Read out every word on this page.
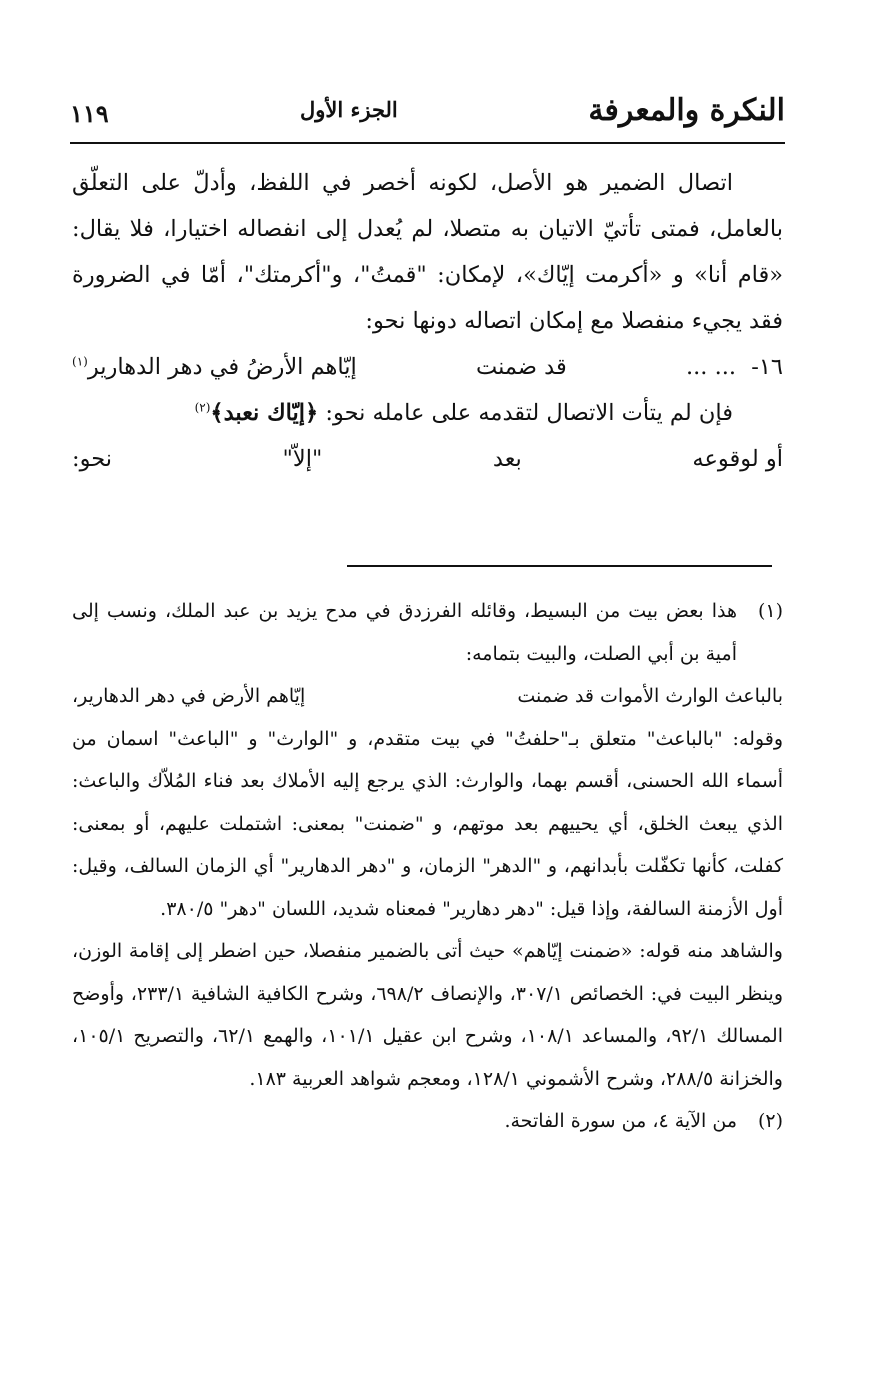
النكرة والمعرفة
الجزء الأول
١١٩

اتصال الضمير هو الأصل، لكونه أخصر في اللفظ، وأدلّ على التعلّق بالعامل، فمتى تأتيّ الاتيان به متصلا، لم يُعدل إلى انفصاله اختيارا، فلا يقال: «قام أنا» و «أكرمت إيّاك»، لإمكان: "قمتُ"، و"أكرمتك"، أمّا في الضرورة فقد يجيء منفصلا مع إمكان اتصاله دونها نحو:

١٦- ... ...
قد ضمنت
إيّاهم الأرضُ في دهر الدهارير$^{(١)}$

فإن لم يتأت الاتصال لتقدمه على عامله نحو: ﴿إيّاك نعبد﴾$^{(٢)}$

أو لوقوعه
بعد
"إلاّ"
نحو:
(١)

هذا بعض بيت من البسيط، وقائله الفرزدق في مدح يزيد بن عبد الملك، ونسب إلى أمية بن أبي الصلت، والبيت بتمامه:

بالباعث الوارث الأموات قد ضمنت
إيّاهم الأرض في دهر الدهارير،

وقوله: "بالباعث" متعلق بـ"حلفتُ" في بيت متقدم، و "الوارث" و "الباعث" اسمان من أسماء الله الحسنى، أقسم بهما، والوارث: الذي يرجع إليه الأملاك بعد فناء المُلاّك والباعث: الذي يبعث الخلق، أي يحييهم بعد موتهم، و "ضمنت" بمعنى: اشتملت عليهم، أو بمعنى: كفلت، كأنها تكفّلت بأبدانهم، و "الدهر" الزمان، و "دهر الدهارير" أي الزمان السالف، وقيل: أول الأزمنة السالفة، وإذا قيل: "دهر دهارير" فمعناه شديد، اللسان "دهر" ٣٨٠/٥.

والشاهد منه قوله: «ضمنت إيّاهم» حيث أتى بالضمير منفصلا، حين اضطر إلى إقامة الوزن، وينظر البيت في: الخصائص ٣٠٧/١، والإنصاف ٦٩٨/٢، وشرح الكافية الشافية ٢٣٣/١، وأوضح المسالك ٩٢/١، والمساعد ١٠٨/١، وشرح ابن عقيل ١٠١/١، والهمع ٦٢/١، والتصريح ١٠٥/١، والخزانة ٢٨٨/٥، وشرح الأشموني ١٢٨/١، ومعجم شواهد العربية ١٨٣.

(٢)

من الآية ٤، من سورة الفاتحة.
